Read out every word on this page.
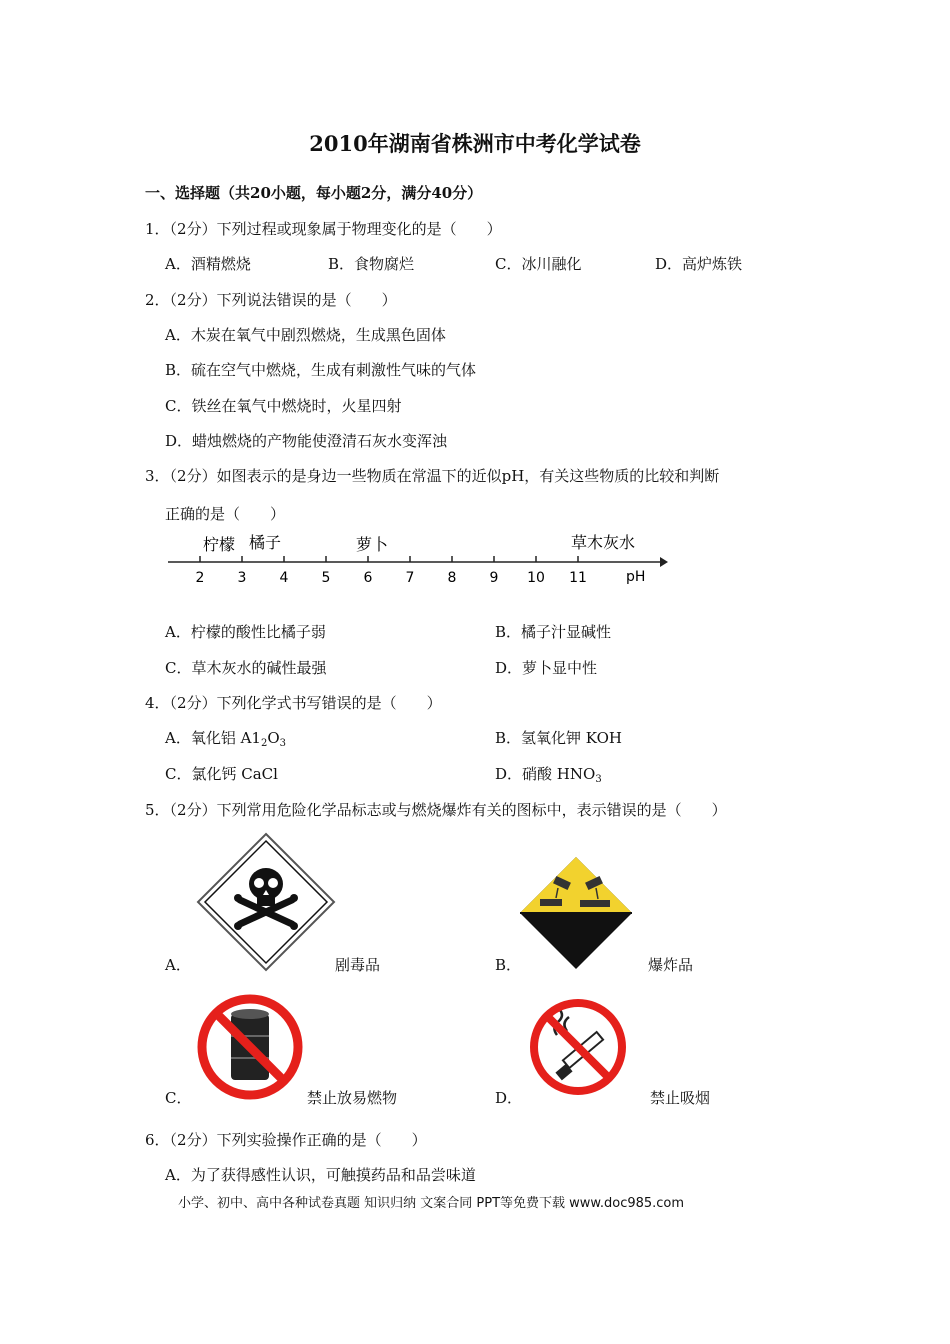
2010年湖南省株洲市中考化学试卷
一、选择题（共20小题，每小题2分，满分40分）
1．（2分）下列过程或现象属于物理变化的是（　　）
A．酒精燃烧	B．食物腐烂	C．冰川融化	D．高炉炼铁
2．（2分）下列说法错误的是（　　）
A．木炭在氧气中剧烈燃烧，生成黑色固体
B．硫在空气中燃烧，生成有刺激性气味的气体
C．铁丝在氧气中燃烧时，火星四射
D．蜡烛燃烧的产物能使澄清石灰水变浑浊
3．（2分）如图表示的是身边一些物质在常温下的近似pH，有关这些物质的比较和判断
正确的是（　　）
2 3 4 5 6 7 8 9 10 11
柠檬 橘子	萝卜	草木灰水
pH
A．柠檬的酸性比橘子弱	B．橘子汁显碱性
C．草木灰水的碱性最强	D．萝卜显中性
4．（2分）下列化学式书写错误的是（　　）
A．氧化铝 $A1_2O_3$	B．氢氧化钾 KOH
C．氯化钙 CaCl	D．硝酸 $HNO_3$
5．（2分）下列常用危险化学品标志或与燃烧爆炸有关的图标中，表示错误的是（　　）
A．	剧毒品	B．	爆炸品
C．	禁止放易燃物	D．	禁止吸烟
6．（2分）下列实验操作正确的是（　　）
A．为了获得感性认识，可触摸药品和品尝味道
小学、初中、高中各种试卷真题 知识归纳 文案合同 PPT等免费下载 www.doc985.com
